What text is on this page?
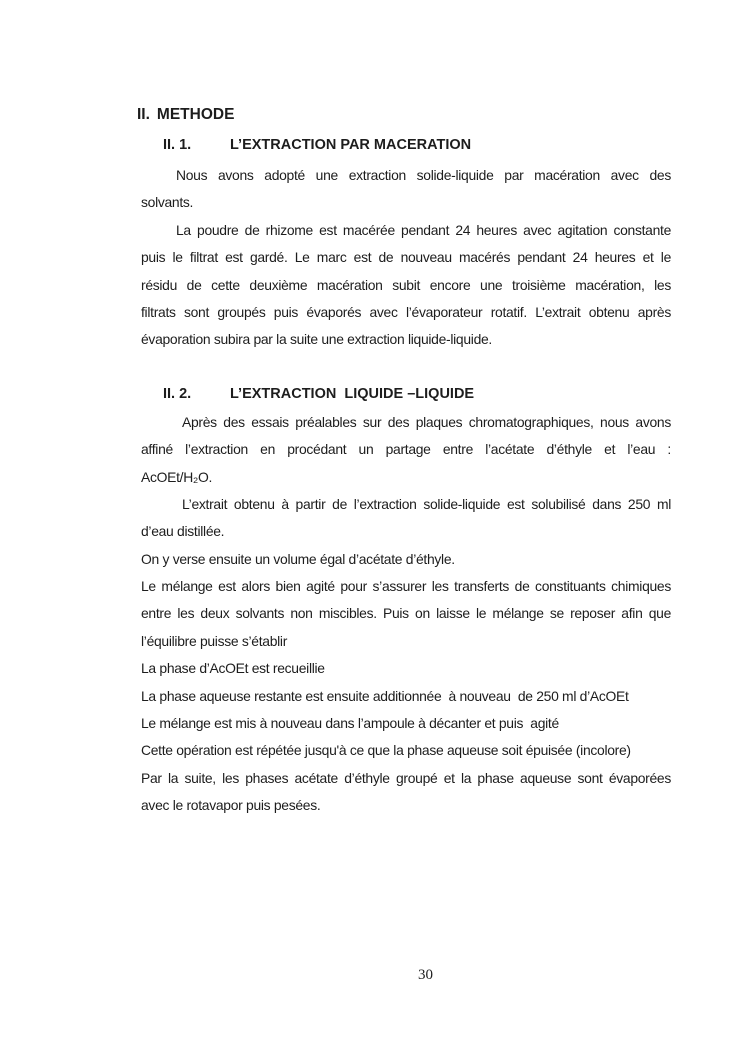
II. METHODE
II. 1.	L’EXTRACTION PAR MACERATION
Nous avons adopté une extraction solide-liquide par macération avec des
solvants.
La poudre de rhizome est macérée pendant 24 heures avec agitation constante
puis le filtrat est gardé. Le marc est de nouveau macérés pendant 24 heures et le
résidu de cette deuxième macération subit encore une troisième macération, les
filtrats sont groupés puis évaporés avec l’évaporateur rotatif. L’extrait obtenu après
évaporation subira par la suite une extraction liquide-liquide.
II. 2.	L’EXTRACTION  LIQUIDE –LIQUIDE
Après des essais préalables sur des plaques chromatographiques, nous avons
affiné l’extraction en procédant un partage entre l’acétate d’éthyle et l’eau :
AcOEt/H₂O.
L’extrait obtenu à partir de l’extraction solide-liquide est solubilisé dans 250 ml
d’eau distillée.
On y verse ensuite un volume égal d’acétate d’éthyle.
Le mélange est alors bien agité pour s’assurer les transferts de constituants chimiques
entre les deux solvants non miscibles. Puis on laisse le mélange se reposer afin que
l’équilibre puisse s’établir
La phase d’AcOEt est recueillie
La phase aqueuse restante est ensuite additionnée  à nouveau  de 250 ml d’AcOEt
Le mélange est mis à nouveau dans l’ampoule à décanter et puis  agité
Cette opération est répétée jusqu'à ce que la phase aqueuse soit épuisée (incolore)
Par la suite, les phases acétate d’éthyle groupé et la phase aqueuse sont évaporées
avec le rotavapor puis pesées.
30
